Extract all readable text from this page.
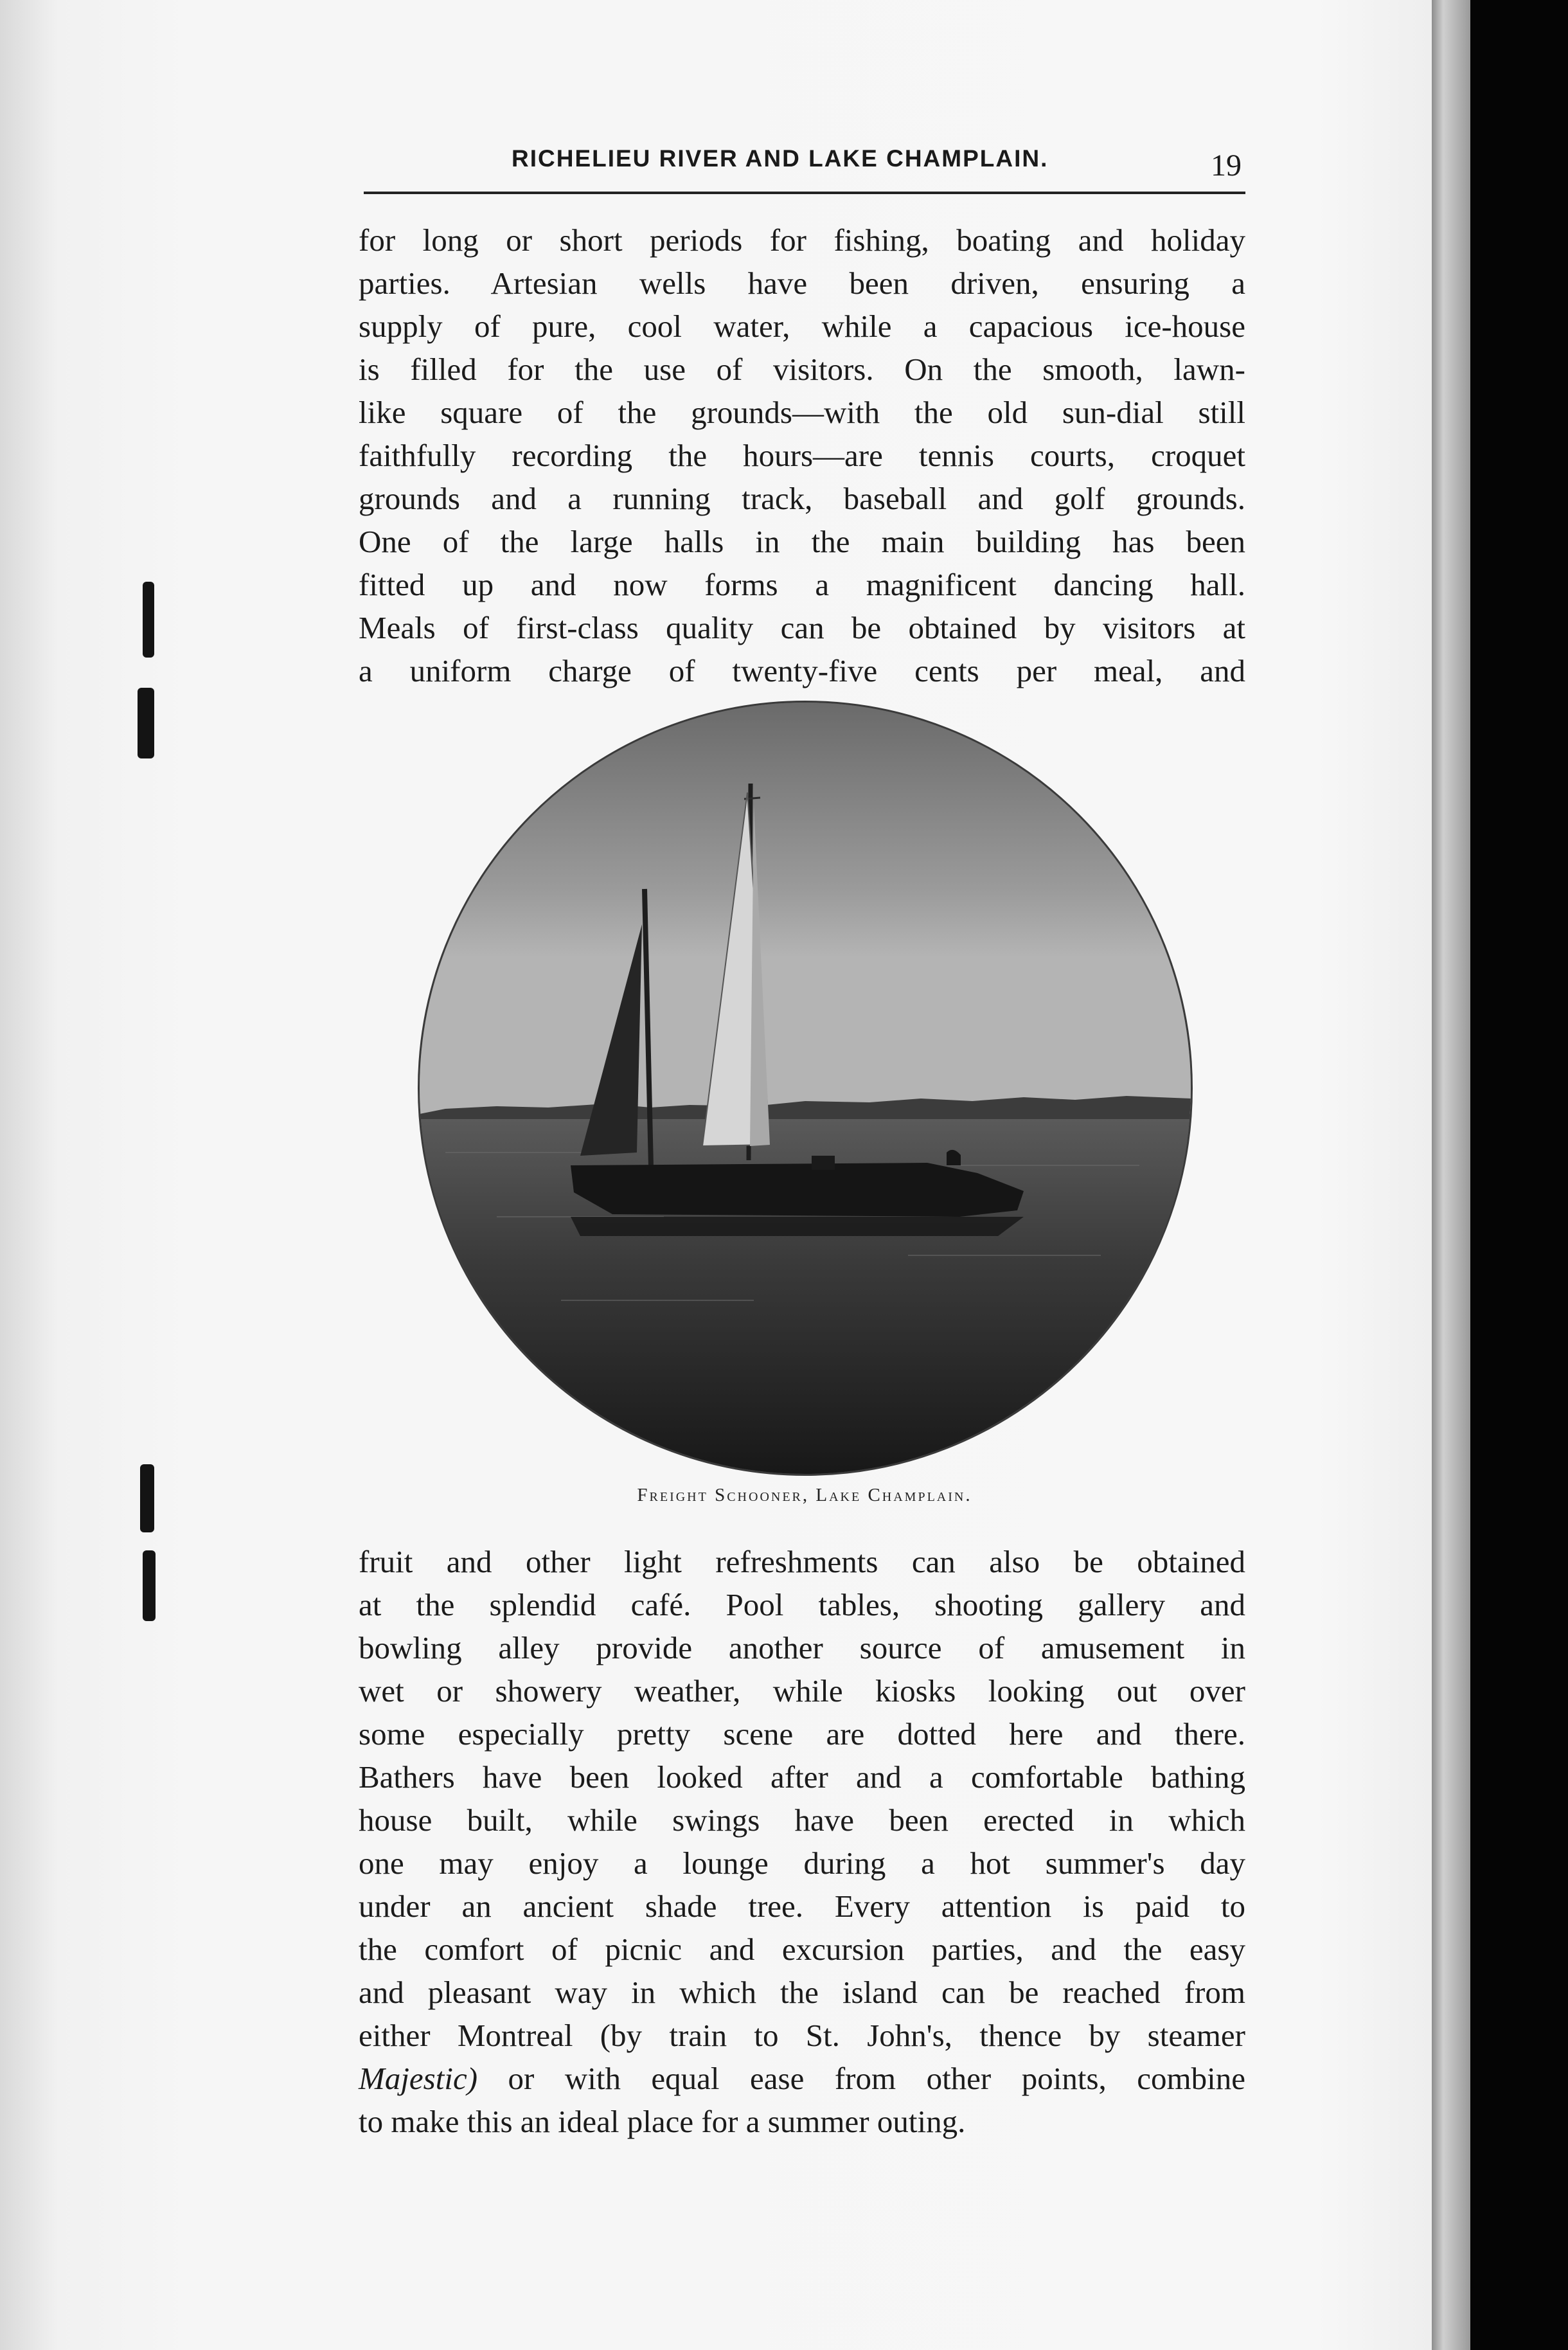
RICHELIEU RIVER AND LAKE CHAMPLAIN.	19
for long or short periods for fishing, boating and holiday
parties. Artesian wells have been driven, ensuring a
supply of pure, cool water, while a capacious ice-house
is filled for the use of visitors. On the smooth, lawn-
like square of the grounds—with the old sun-dial still
faithfully recording the hours—are tennis courts, croquet
grounds and a running track, baseball and golf grounds.
One of the large halls in the main building has been
fitted up and now forms a magnificent dancing hall.
Meals of first-class quality can be obtained by visitors at
a uniform charge of twenty-five cents per meal, and
Freight Schooner, Lake Champlain.
fruit and other light refreshments can also be obtained
at the splendid café. Pool tables, shooting gallery and
bowling alley provide another source of amusement in
wet or showery weather, while kiosks looking out over
some especially pretty scene are dotted here and there.
Bathers have been looked after and a comfortable bathing
house built, while swings have been erected in which
one may enjoy a lounge during a hot summer's day
under an ancient shade tree. Every attention is paid to
the comfort of picnic and excursion parties, and the easy
and pleasant way in which the island can be reached from
either Montreal (by train to St. John's, thence by steamer
Majestic) or with equal ease from other points, combine
to make this an ideal place for a summer outing.
